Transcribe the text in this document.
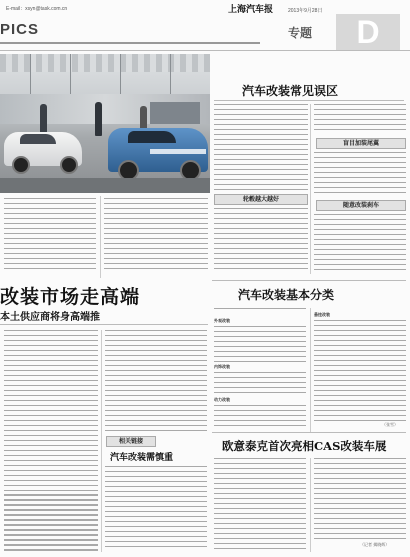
E-mail：xsyn@task.com.cn	上海汽车报	2013年9月28日
PICS	专题	D
汽车改装常见误区
轮毂越大越好
盲目加装尾翼
随意改装刹车
改装市场走高端
本土供应商将身高端推
相关链接
汽车改装需慎重
汽车改装基本分类
外观改装
内饰改装
动力改装
悬挂改装
（张雪）
欧意泰克首次亮相CAS改装车展
（记者 揭晓辉）
